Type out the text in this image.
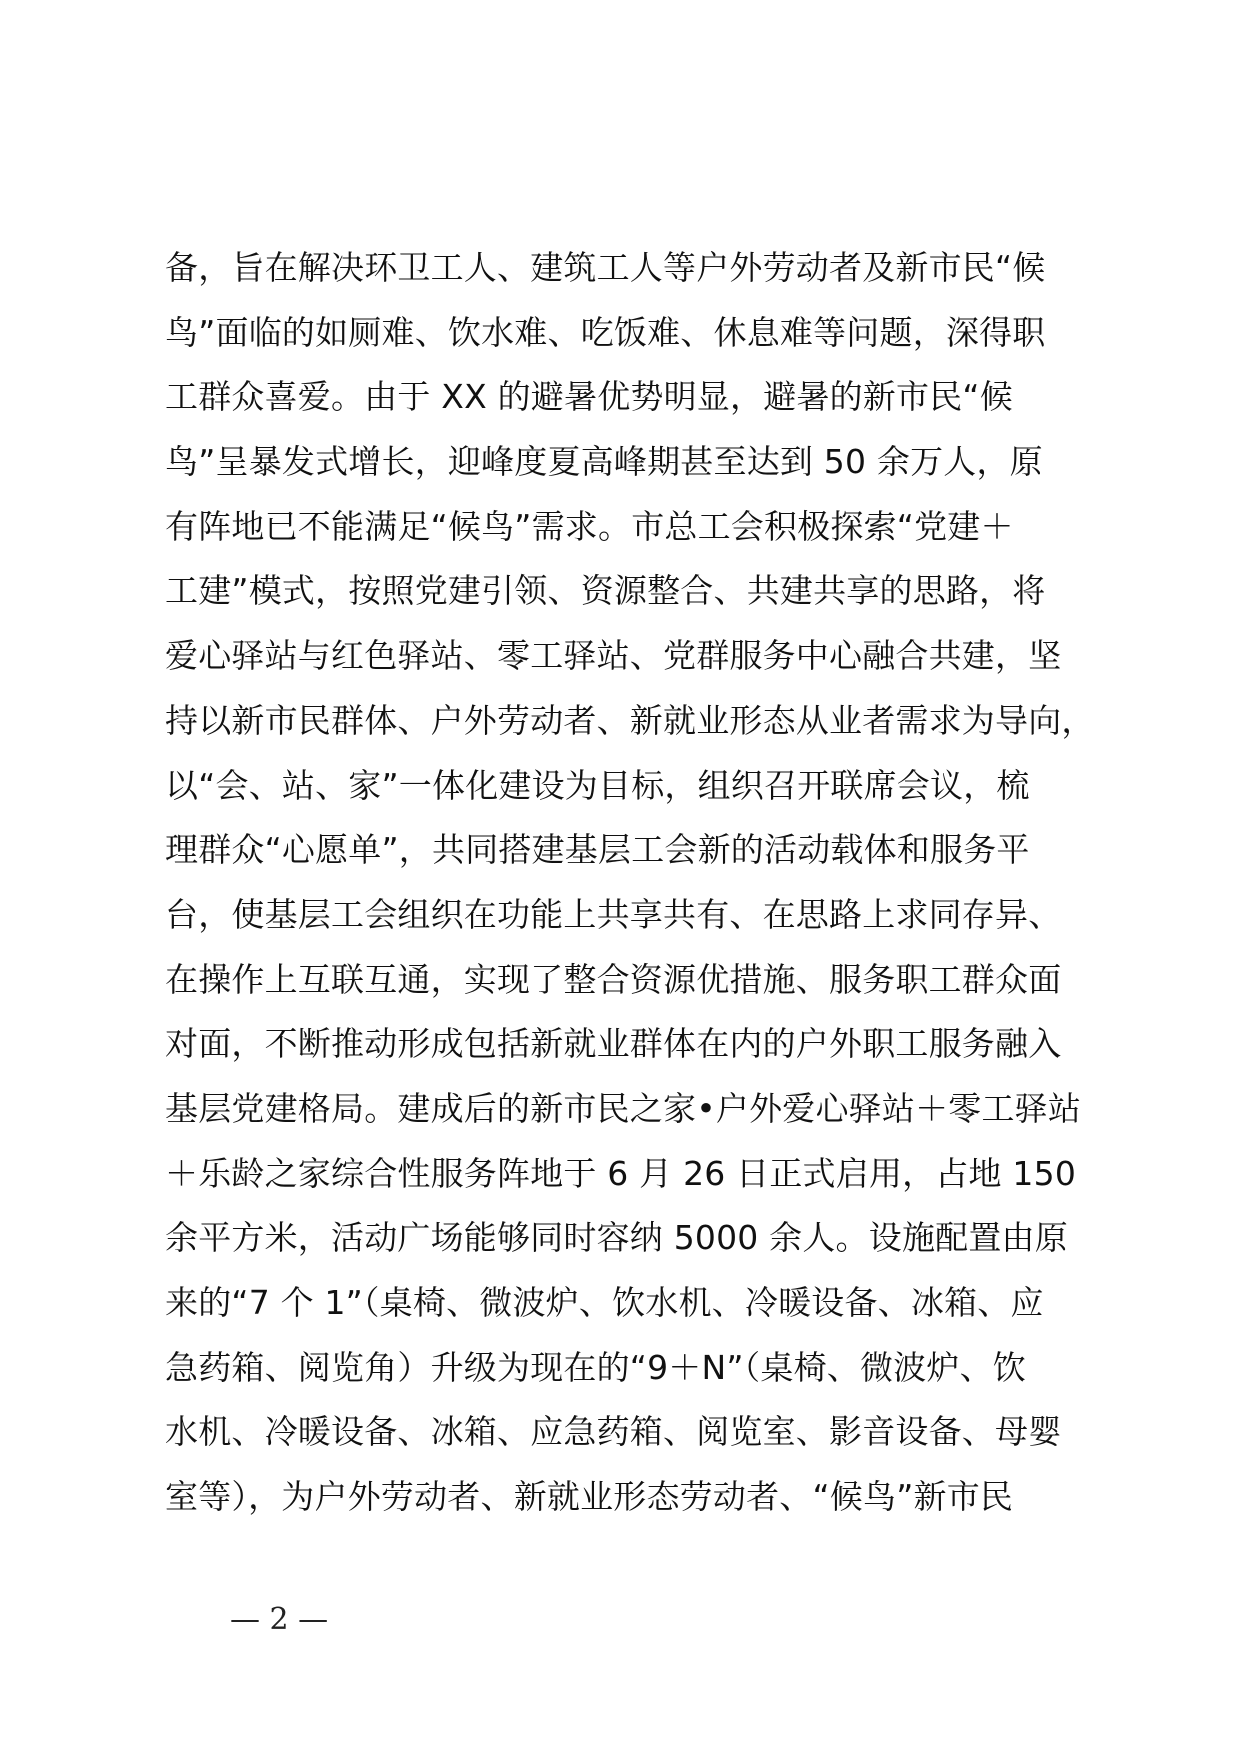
备，旨在解决环卫工人、建筑工人等户外劳动者及新市民“候
鸟”面临的如厕难、饮水难、吃饭难、休息难等问题，深得职
工群众喜爱。由于 XX 的避暑优势明显，避暑的新市民“候
鸟”呈暴发式增长，迎峰度夏高峰期甚至达到 50 余万人，原
有阵地已不能满足“候鸟”需求。市总工会积极探索“党建＋
工建”模式，按照党建引领、资源整合、共建共享的思路，将
爱心驿站与红色驿站、零工驿站、党群服务中心融合共建，坚
持以新市民群体、户外劳动者、新就业形态从业者需求为导向，
以“会、站、家”一体化建设为目标，组织召开联席会议，梳
理群众“心愿单”，共同搭建基层工会新的活动载体和服务平
台，使基层工会组织在功能上共享共有、在思路上求同存异、
在操作上互联互通，实现了整合资源优措施、服务职工群众面
对面，不断推动形成包括新就业群体在内的户外职工服务融入
基层党建格局。建成后的新市民之家•户外爱心驿站＋零工驿站
＋乐龄之家综合性服务阵地于 6 月 26 日正式启用，占地 150
余平方米，活动广场能够同时容纳 5000 余人。设施配置由原
来的“7 个 1”（桌椅、微波炉、饮水机、冷暖设备、冰箱、应
急药箱、阅览角）升级为现在的“9＋N”（桌椅、微波炉、饮
水机、冷暖设备、冰箱、应急药箱、阅览室、影音设备、母婴
室等），为户外劳动者、新就业形态劳动者、“候鸟”新市民
— 2 —
